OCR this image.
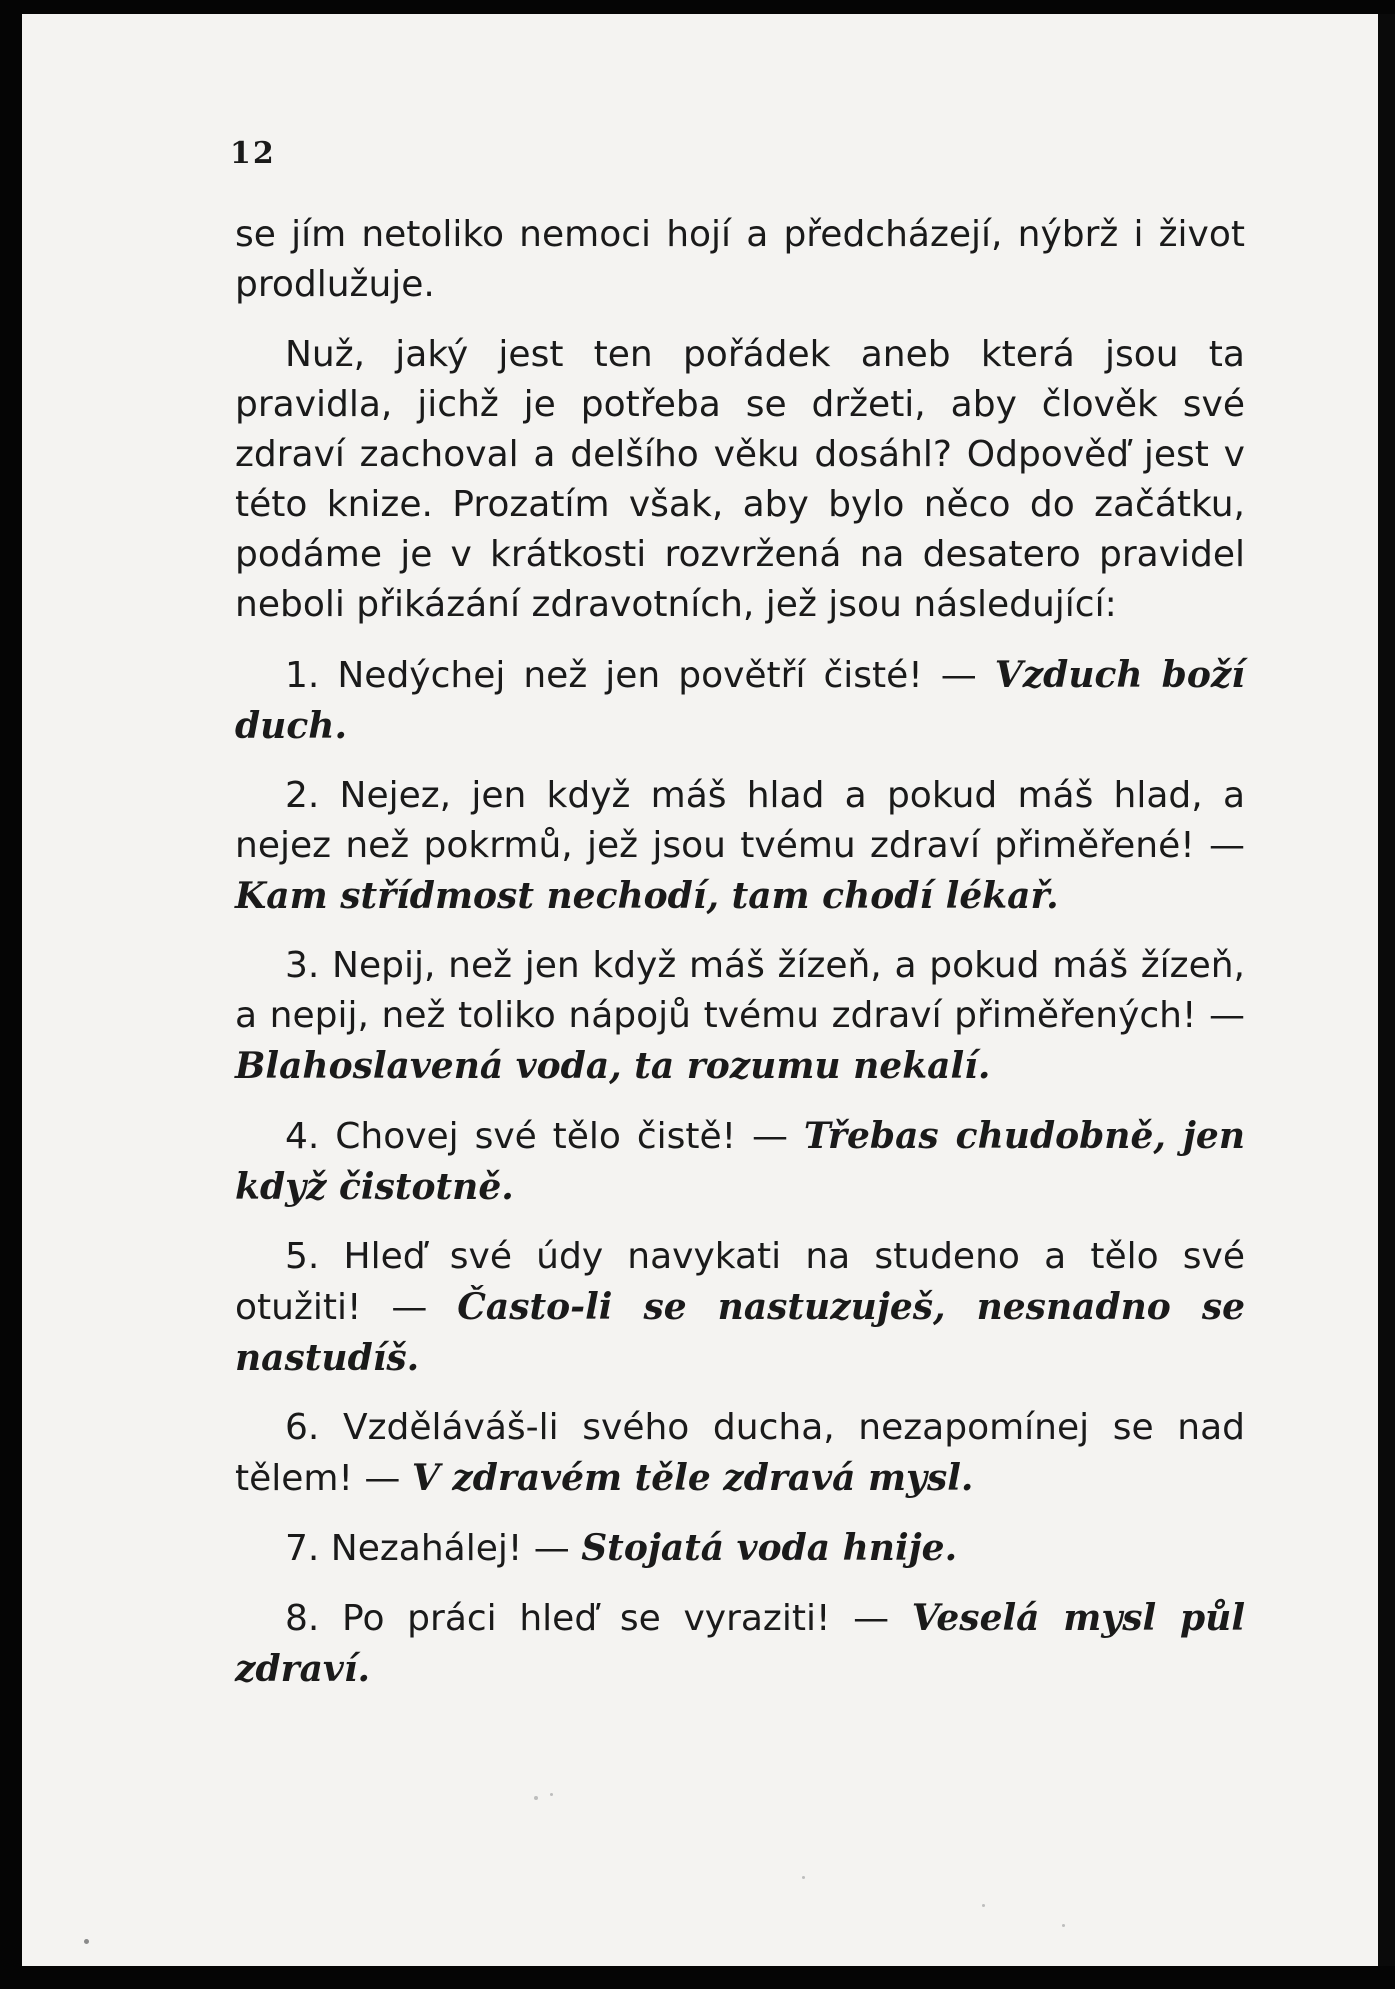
12

se jím netoliko nemoci hojí a předcházejí, nýbrž i život prodlužuje.

Nuž, jaký jest ten pořádek aneb která jsou ta pravidla, jichž je potřeba se držeti, aby člověk své zdraví zachoval a delšího věku dosáhl? Odpověď jest v této knize. Prozatím však, aby bylo něco do začátku, podáme je v krátkosti rozvržená na desatero pravidel neboli přikázání zdravotních, jež jsou následující:

1. Nedýchej než jen povětří čisté! — Vzduch boží duch.

2. Nejez, jen když máš hlad a pokud máš hlad, a nejez než pokrmů, jež jsou tvému zdraví přiměřené! — Kam střídmost nechodí, tam chodí lékař.

3. Nepij, než jen když máš žízeň, a pokud máš žízeň, a nepij, než toliko nápojů tvému zdraví přiměřených! — Blahoslavená voda, ta rozumu nekalí.

4. Chovej své tělo čistě! — Třebas chudobně, jen když čistotně.

5. Hleď své údy navykati na studeno a tělo své otužiti! — Často-li se nastuzuješ, nesnadno se nastudíš.

6. Vzděláváš-li svého ducha, nezapomínej se nad tělem! — V zdravém těle zdravá mysl.

7. Nezahálej! — Stojatá voda hnije.

8. Po práci hleď se vyraziti! — Veselá mysl půl zdraví.
